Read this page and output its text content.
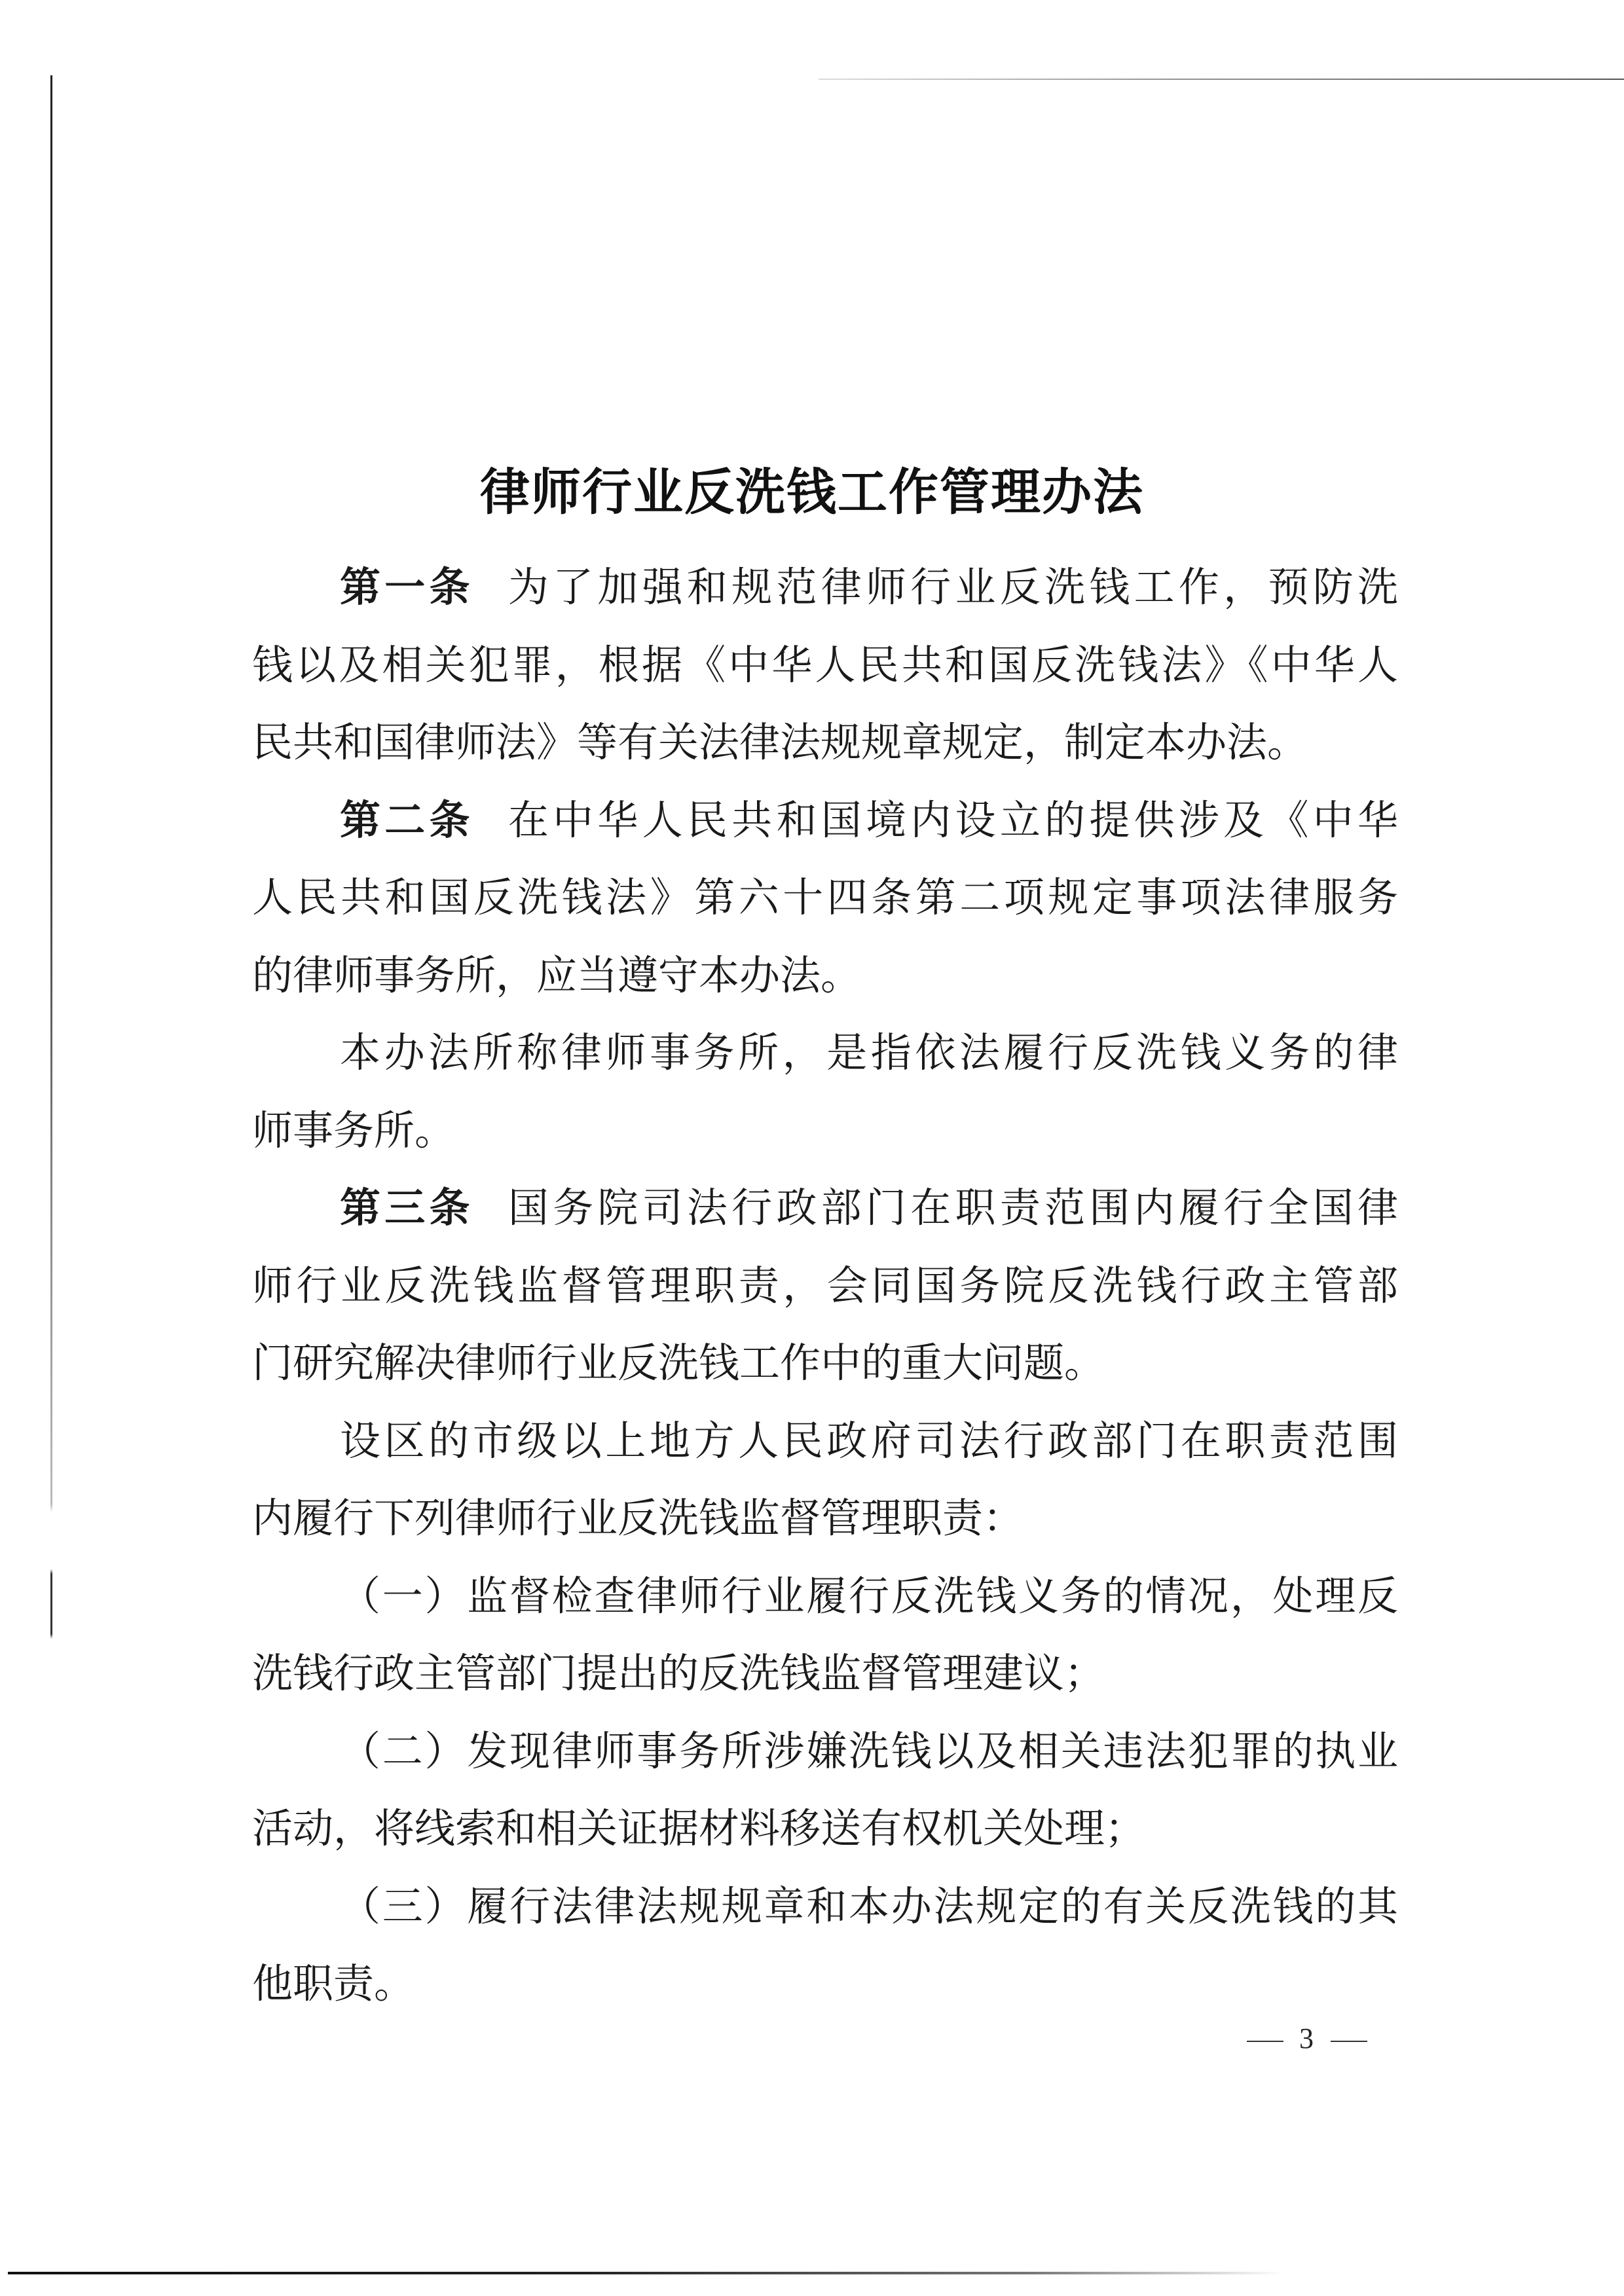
律师行业反洗钱工作管理办法
第一条 为了加强和规范律师行业反洗钱工作，预防洗
钱以及相关犯罪，根据《中华人民共和国反洗钱法》《中华人
民共和国律师法》等有关法律法规规章规定，制定本办法。
第二条 在中华人民共和国境内设立的提供涉及《中华
人民共和国反洗钱法》第六十四条第二项规定事项法律服务
的律师事务所，应当遵守本办法。
本办法所称律师事务所，是指依法履行反洗钱义务的律
师事务所。
第三条 国务院司法行政部门在职责范围内履行全国律
师行业反洗钱监督管理职责，会同国务院反洗钱行政主管部
门研究解决律师行业反洗钱工作中的重大问题。
设区的市级以上地方人民政府司法行政部门在职责范围
内履行下列律师行业反洗钱监督管理职责：
（一）监督检查律师行业履行反洗钱义务的情况，处理反
洗钱行政主管部门提出的反洗钱监督管理建议；
（二）发现律师事务所涉嫌洗钱以及相关违法犯罪的执业
活动，将线索和相关证据材料移送有权机关处理；
（三）履行法律法规规章和本办法规定的有关反洗钱的其
他职责。
3
